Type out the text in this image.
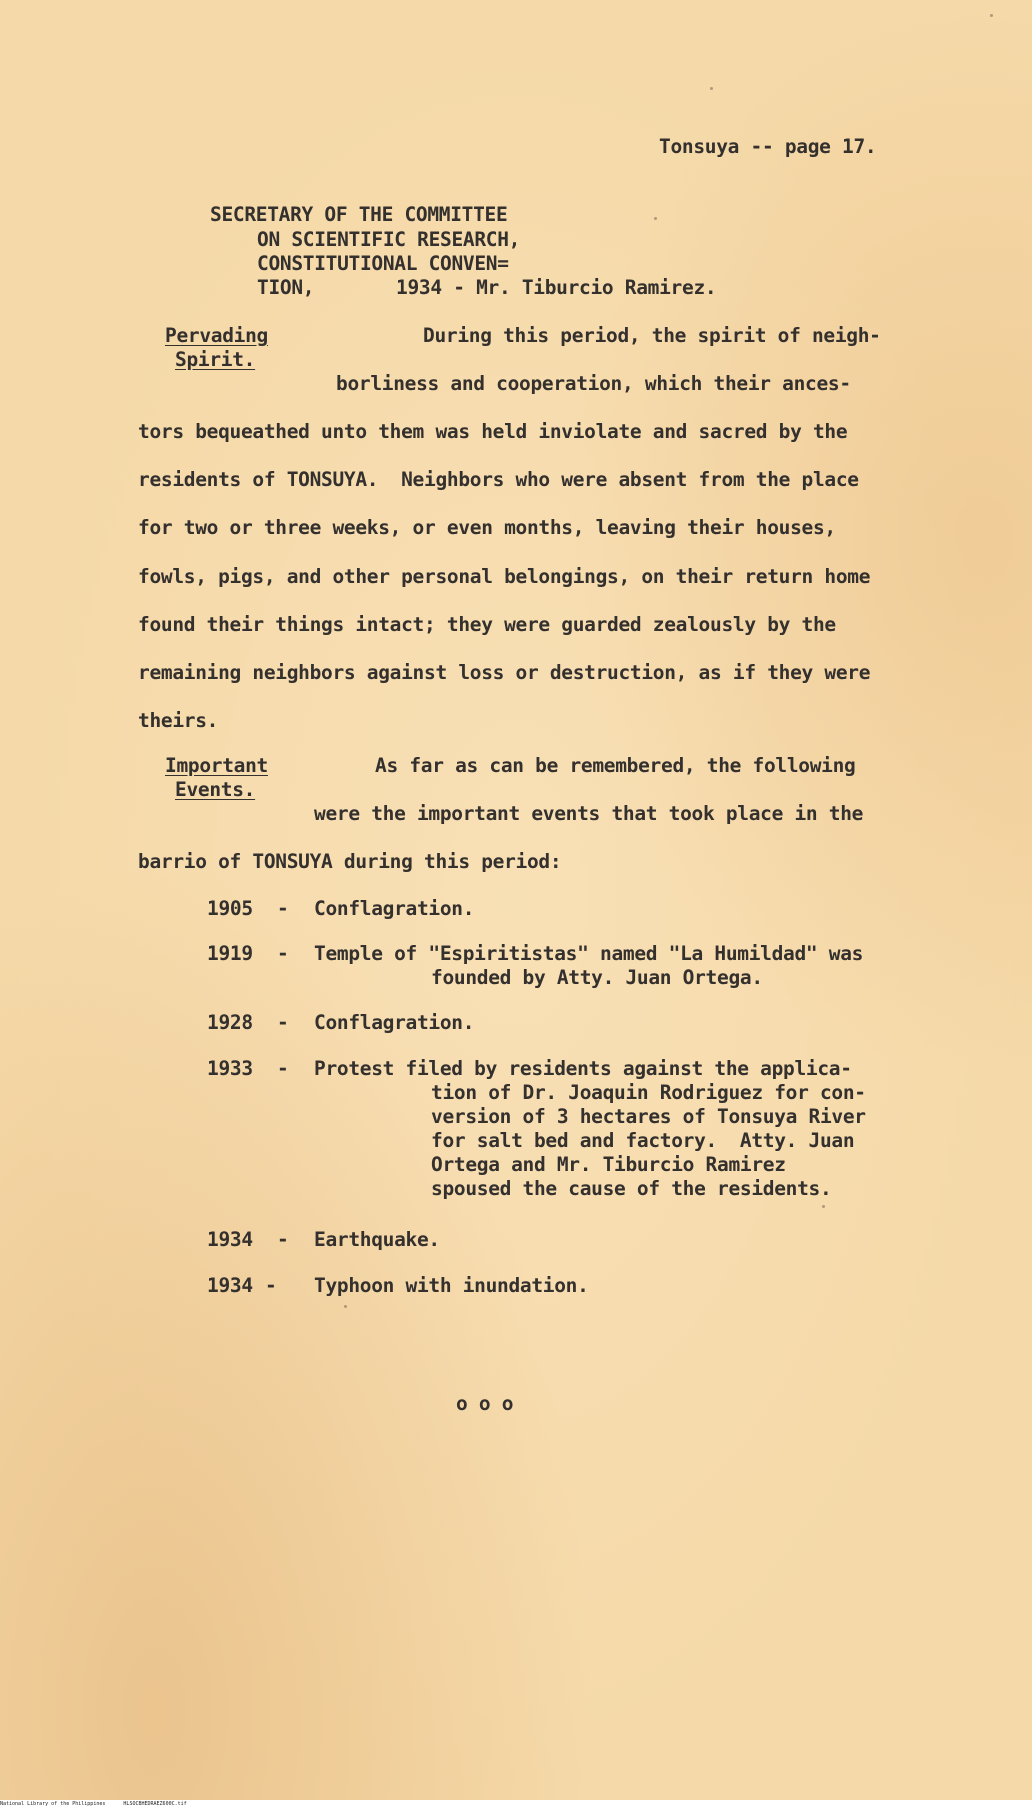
Tonsuya -- page 17.
SECRETARY OF THE COMMITTEE
ON SCIENTIFIC RESEARCH,
CONSTITUTIONAL CONVEN=
TION,	1934 - Mr. Tiburcio Ramirez.
Pervading
Spirit.
During this period, the spirit of neigh-
borliness and cooperation, which their ances-
tors bequeathed unto them was held inviolate and sacred by the
residents of TONSUYA.  Neighbors who were absent from the place
for two or three weeks, or even months, leaving their houses,
fowls, pigs, and other personal belongings, on their return home
found their things intact; they were guarded zealously by the
remaining neighbors against loss or destruction, as if they were
theirs.
Important
Events.
As far as can be remembered, the following
were the important events that took place in the
barrio of TONSUYA during this period:
1905 - Conflagration.
1919 - Temple of "Espiritistas" named "La Humildad" was
founded by Atty. Juan Ortega.
1928 - Conflagration.
1933 - Protest filed by residents against the applica-
tion of Dr. Joaquin Rodriguez for con-
version of 3 hectares of Tonsuya River
for salt bed and factory.  Atty. Juan
Ortega and Mr. Tiburcio Ramirez
spoused the cause of the residents.
1934 - Earthquake.
1934 - Typhoon with inundation.
o o o
National Library of the Philippines	HLSOCBHEDRAEZ600C.tif
